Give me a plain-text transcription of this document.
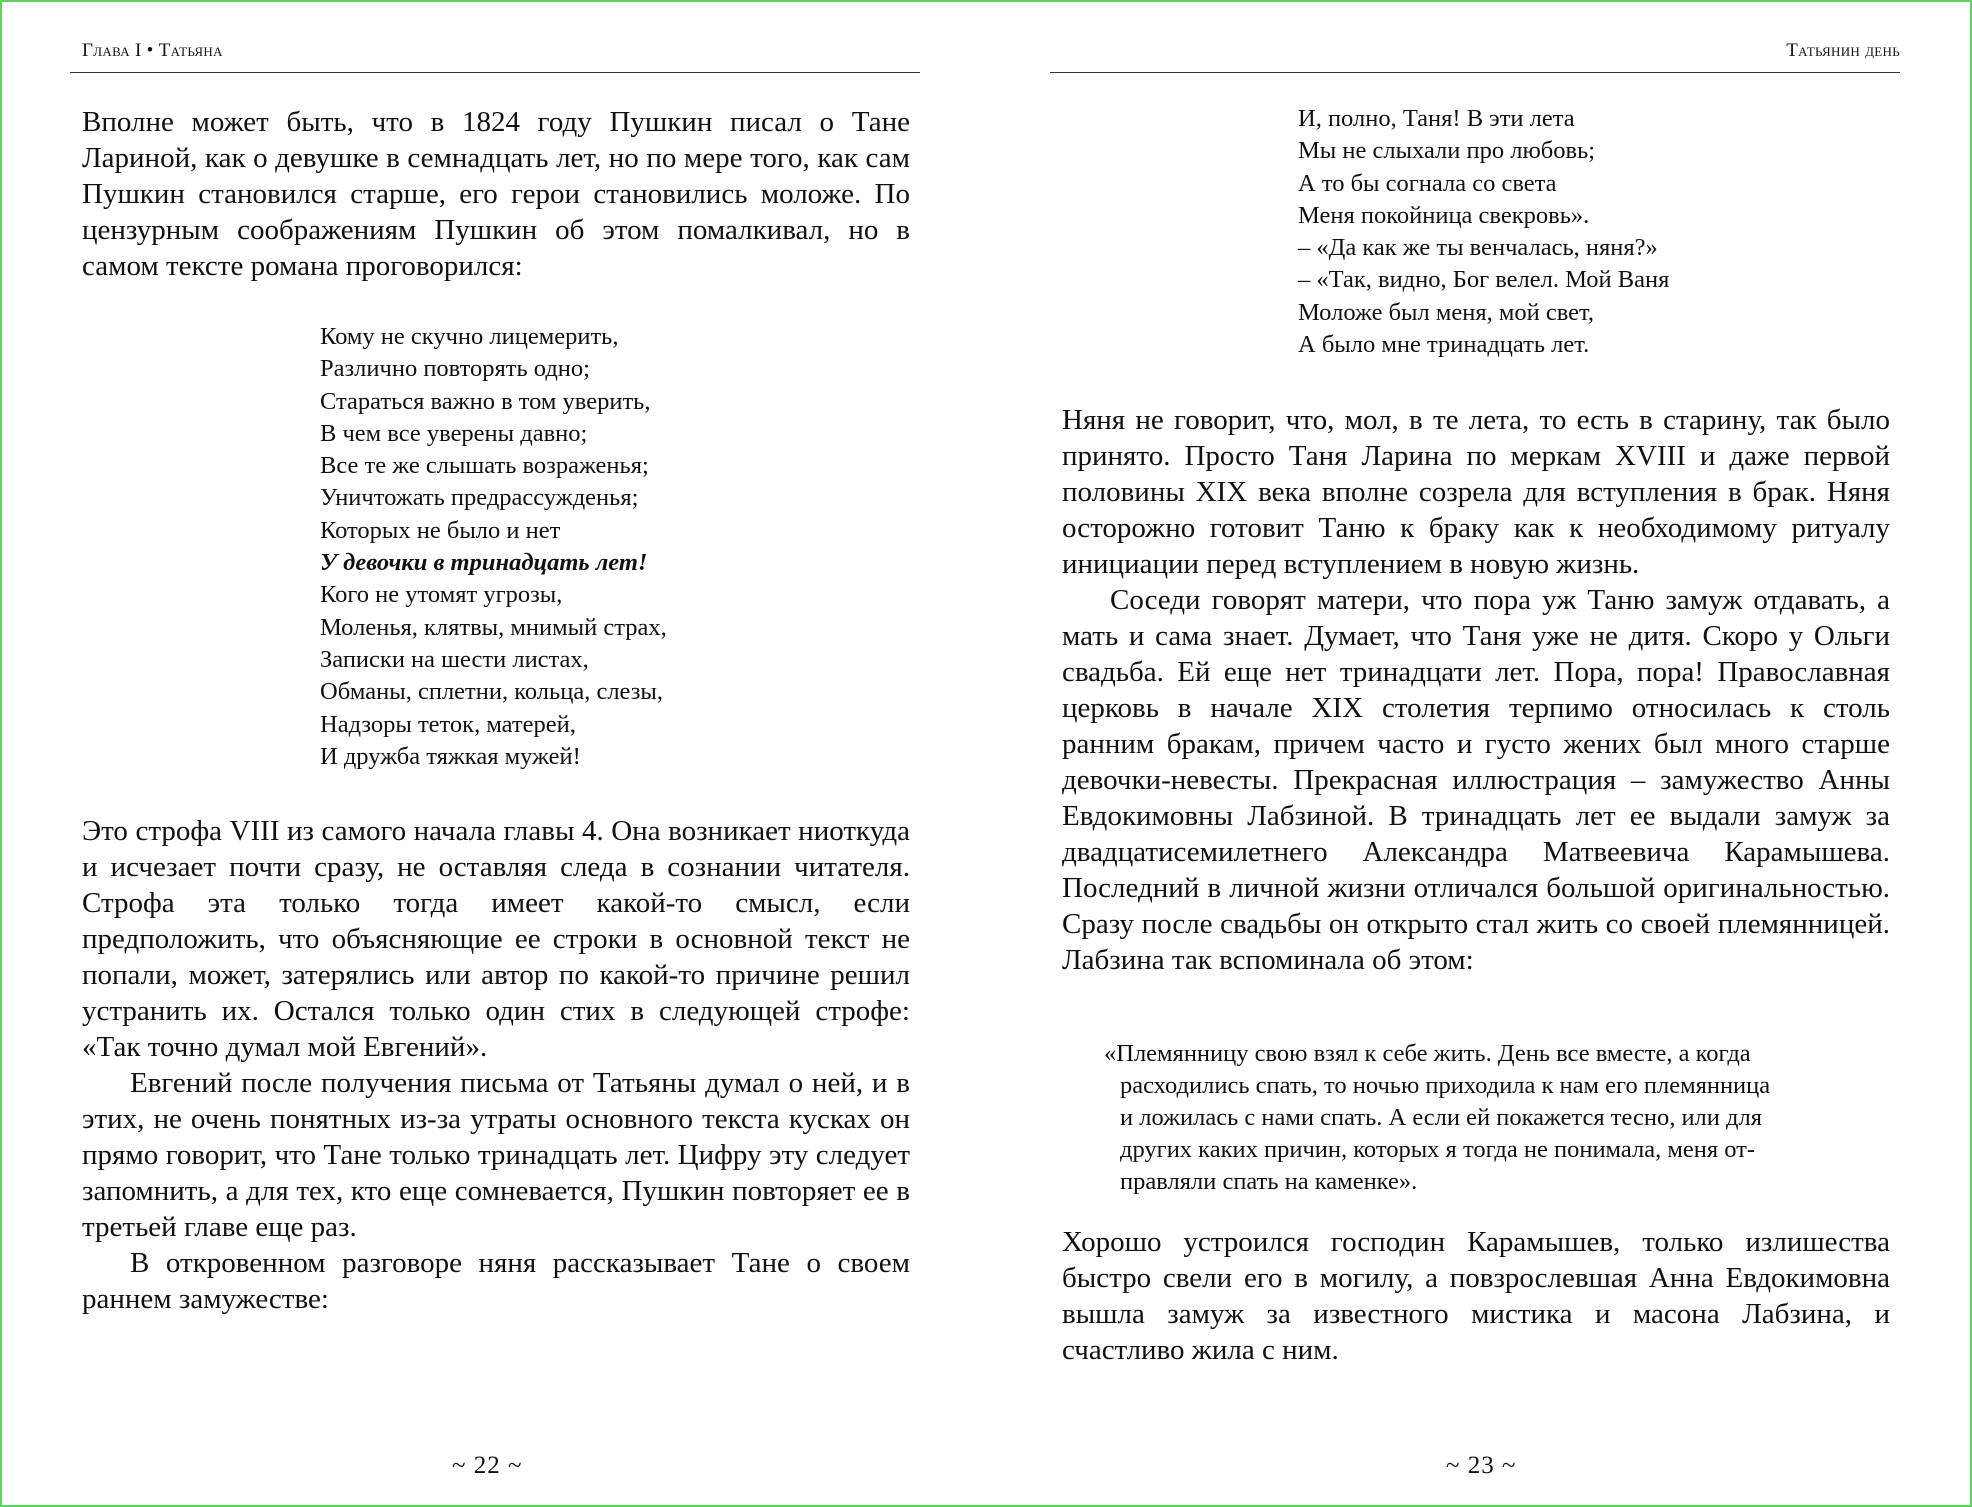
Глава I • Татьяна

Вполне может быть, что в 1824 году Пушкин писал о Тане Лариной, как о девушке в семнадцать лет, но по мере того, как сам Пушкин становился старше, его герои становились моложе. По цензурным соображениям Пушкин об этом помалкивал, но в самом тексте романа проговорился:

Кому не скучно лицемерить,
Различно повторять одно;
Стараться важно в том уверить,
В чем все уверены давно;
Все те же слышать возраженья;
Уничтожать предрассужденья;
Которых не было и нет
У девочки в тринадцать лет!
Кого не утомят угрозы,
Моленья, клятвы, мнимый страх,
Записки на шести листах,
Обманы, сплетни, кольца, слезы,
Надзоры теток, матерей,
И дружба тяжкая мужей!

Это строфа VIII из самого начала главы 4. Она возникает ниоткуда и исчезает почти сразу, не оставляя следа в сознании читателя. Строфа эта только тогда имеет какой-то смысл, если предположить, что объясняющие ее строки в основной текст не попали, может, затерялись или автор по какой-то причине решил устранить их. Остался только один стих в следующей строфе: «Так точно думал мой Евгений».

Евгений после получения письма от Татьяны думал о ней, и в этих, не очень понятных из-за утраты основного текста кусках он прямо говорит, что Тане только тринадцать лет. Цифру эту следует запомнить, а для тех, кто еще сомневается, Пушкин повторяет ее в третьей главе еще раз.

В откровенном разговоре няня рассказывает Тане о своем раннем замужестве:

~ 22 ~
Татьянин день
И, полно, Таня! В эти лета
Мы не слыхали про любовь;
А то бы согнала со света
Меня покойница свекровь».
– «Да как же ты венчалась, няня?»
– «Так, видно, Бог велел. Мой Ваня
Моложе был меня, мой свет,
А было мне тринадцать лет.

Няня не говорит, что, мол, в те лета, то есть в старину, так было принято. Просто Таня Ларина по меркам XVIII и даже первой половины XIX века вполне созрела для вступления в брак. Няня осторожно готовит Таню к браку как к необходимому ритуалу инициации перед вступлением в новую жизнь.

Соседи говорят матери, что пора уж Таню замуж отдавать, а мать и сама знает. Думает, что Таня уже не дитя. Скоро у Ольги свадьба. Ей еще нет тринадцати лет. Пора, пора! Православная церковь в начале XIX столетия терпимо относилась к столь ранним бракам, причем часто и густо жених был много старше девочки-невесты. Прекрасная иллюстрация – замужество Анны Евдокимовны Лабзиной. В тринадцать лет ее выдали замуж за двадцатисемилетнего Александра Матвеевича Карамышева. Последний в личной жизни отличался большой оригинальностью. Сразу после свадьбы он открыто стал жить со своей племянницей. Лабзина так вспоминала об этом:

«Племянницу свою взял к себе жить. День все вместе, а когда
расходились спать, то ночью приходила к нам его племянница
и ложилась с нами спать. А если ей покажется тесно, или для
других каких причин, которых я тогда не понимала, меня от-
правляли спать на каменке».

Хорошо устроился господин Карамышев, только излишества быстро свели его в могилу, а повзрослевшая Анна Евдокимовна вышла замуж за известного мистика и масона Лабзина, и счастливо жила с ним.

~ 23 ~
